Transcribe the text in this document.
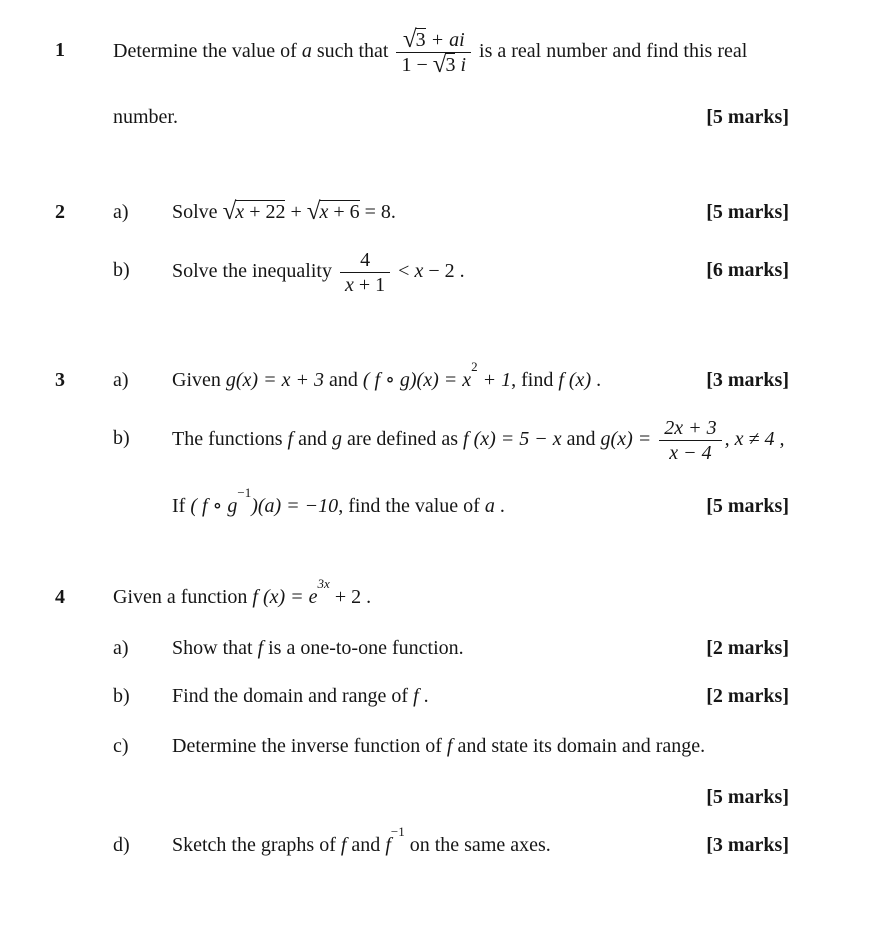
1 Determine the value of a such that $\frac{√3 + ai}{1 - √3 i}$ is a real number and find this real
number.	[5 marks]
2 a) Solve √x + 22 + √x + 6 = 8.	[5 marks]
b) Solve the inequality $\frac{4}{x + 1} < x - 2$ .	[6 marks]
3 a) Given g(x) = x + 3 and ( f ∘ $g)(x) = x^2 + 1$, find f (x) .	[3 marks]
b) The functions f and g are defined as f (x) = 5 − x and $g(x) = \frac{2x + 3}{x - 4}$ , x ≠ 4 ,
If ( f ∘ $g^{-1})(a) = -10$, find the value of a .	[5 marks]
4 Given a function f $(x) = e^{3x} + 2$ .
a) Show that f is a one-to-one function.	[2 marks]
b) Find the domain and range of f .	[2 marks]
c) Determine the inverse function of f and state its domain and range.
[5 marks]
d) Sketch the graphs of f and $f^{-1}$ on the same axes.	[3 marks]
